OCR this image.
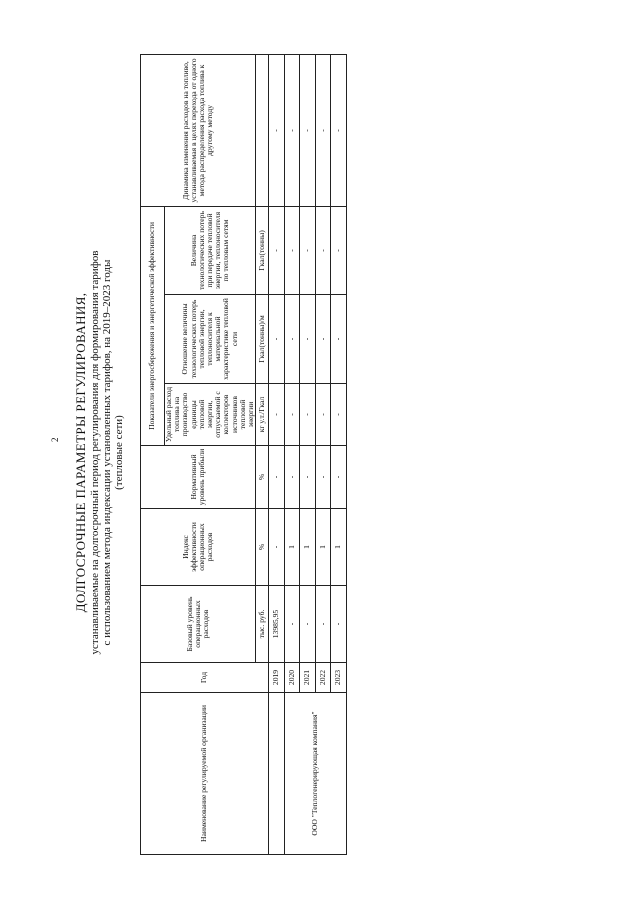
2 ДОЛГОСРОЧНЫЕ ПАРАМЕТРЫ РЕГУЛИРОВАНИЯ, устанавливаемые на долгосрочный период регулирования для формирования тарифов с использованием метода индексации установленных тарифов, на 2019–2023 годы (тепловые сети)
Наименование регулируемой организации	Год	Базовый уровень операционных расходов	Индекс эффективности операционных расходов	Нормативный уровень прибыли	Показатели энергосбережения и энергетической эффективности			Динамика изменения расходов на топливо, устанавливаемая в целях перехода от одного метода распределения расхода топлива к другому методу
					Удельный расход топлива на производство единицы тепловой энергии, отпускаемой с коллекторов источников тепловой энергии	Отношение величины технологических потерь тепловой энергии, теплоносителя к материальной характеристике тепловой сети	Величина технологических потерь при передаче тепловой энергии, теплоносителя по тепловым сетям	
		тыс. руб.	%	%	кг у.т./Гкал	Гкал(тонны)/м	Гкал(тонны)	
	2019	13985,95	-	-	-	-	-	-
ООО "Теплогенерирующая компания"	2020	-	1	-	-	-	-	-
	2021	-	1	-	-	-	-	-
	2022	-	1	-	-	-	-	-
	2023	-	1	-	-	-	-	-
